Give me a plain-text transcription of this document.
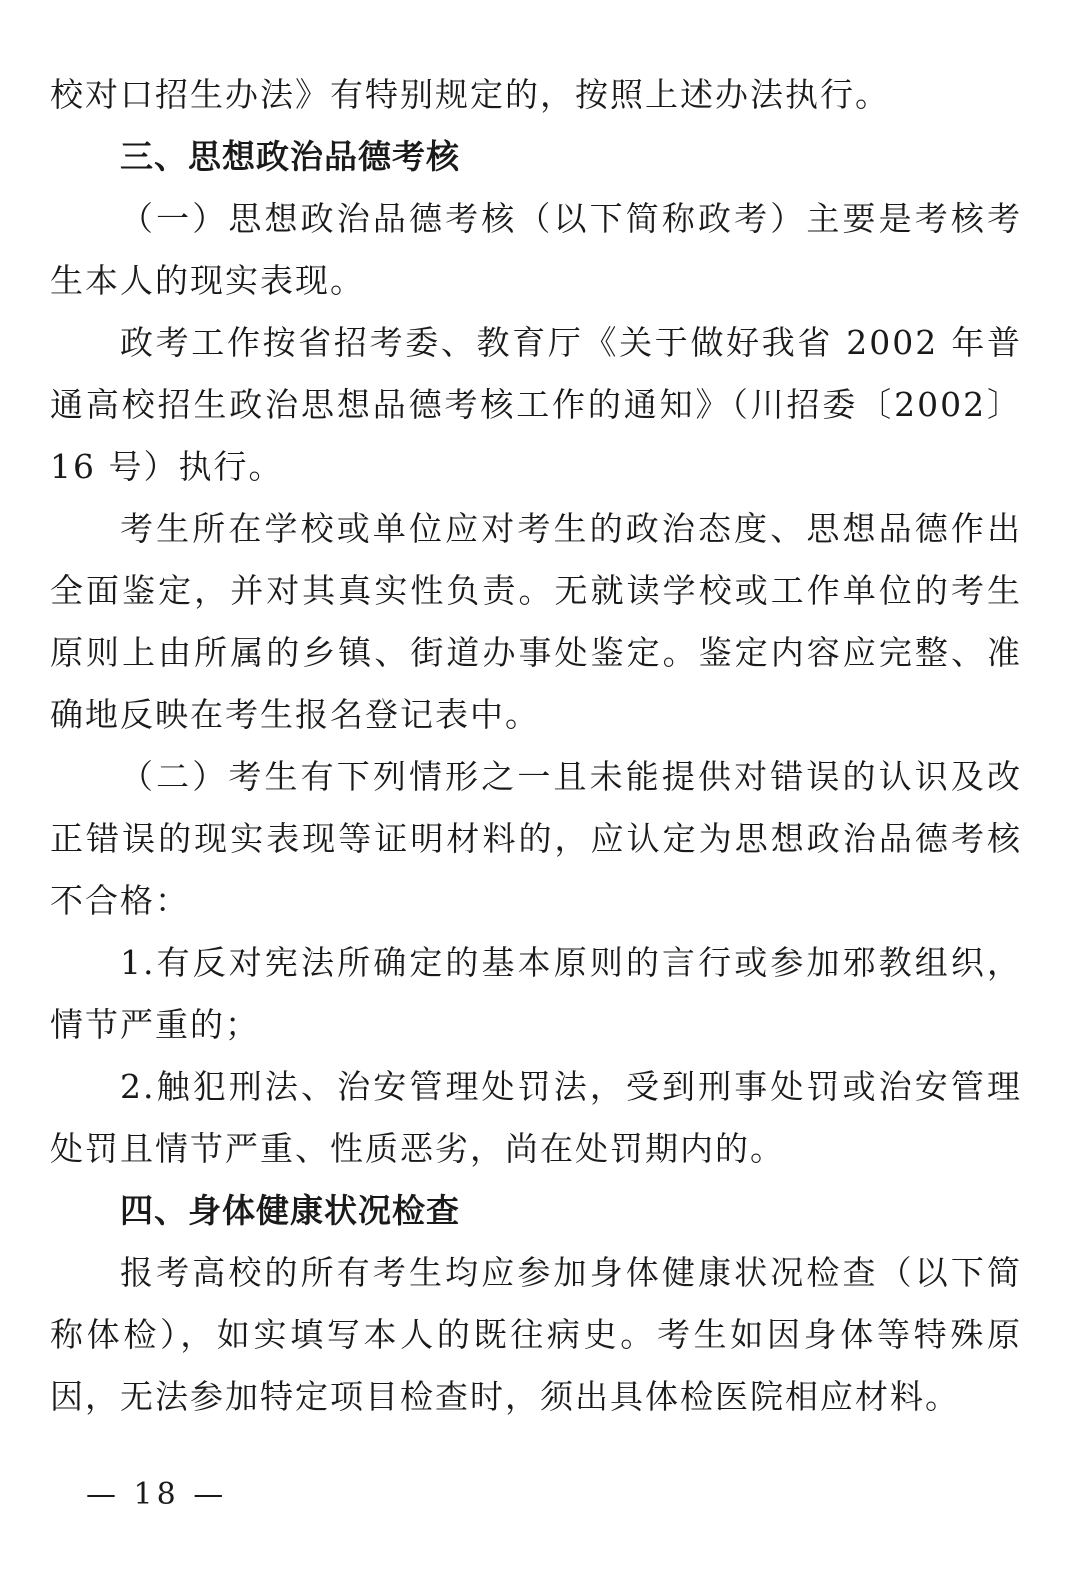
校对口招生办法》有特别规定的，按照上述办法执行。

三、思想政治品德考核

（一）思想政治品德考核（以下简称政考）主要是考核考生本人的现实表现。

政考工作按省招考委、教育厅《关于做好我省 2002 年普通高校招生政治思想品德考核工作的通知》（川招委〔2002〕16 号）执行。

考生所在学校或单位应对考生的政治态度、思想品德作出全面鉴定，并对其真实性负责。无就读学校或工作单位的考生原则上由所属的乡镇、街道办事处鉴定。鉴定内容应完整、准确地反映在考生报名登记表中。

（二）考生有下列情形之一且未能提供对错误的认识及改正错误的现实表现等证明材料的，应认定为思想政治品德考核不合格：

1.有反对宪法所确定的基本原则的言行或参加邪教组织，情节严重的；

2.触犯刑法、治安管理处罚法，受到刑事处罚或治安管理处罚且情节严重、性质恶劣，尚在处罚期内的。

四、身体健康状况检查

报考高校的所有考生均应参加身体健康状况检查（以下简称体检），如实填写本人的既往病史。考生如因身体等特殊原因，无法参加特定项目检查时，须出具体检医院相应材料。

— 18 —
